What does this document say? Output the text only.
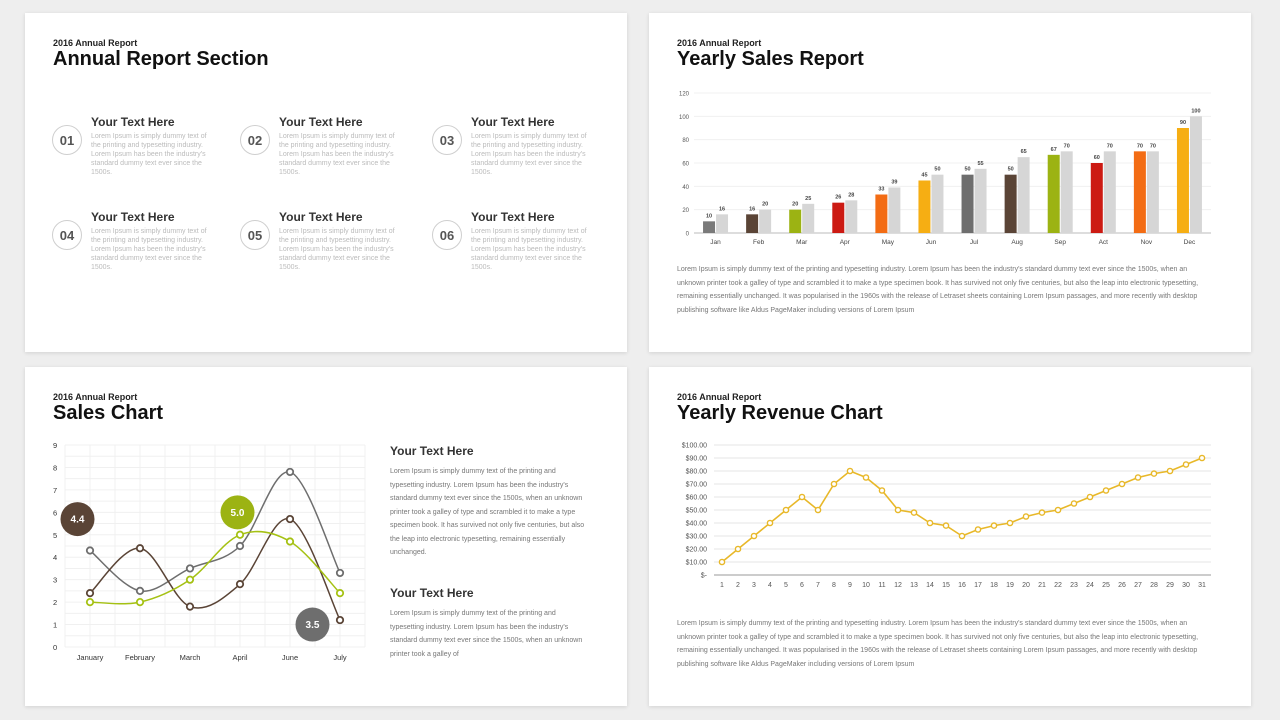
2016 Annual Report
Annual Report Section
01
Your Text Here
Lorem Ipsum is simply dummy text of the printing and typesetting industry. Lorem Ipsum has been the industry's standard dummy text ever since the 1500s.
02
Your Text Here
Lorem Ipsum is simply dummy text of the printing and typesetting industry. Lorem Ipsum has been the industry's standard dummy text ever since the 1500s.
03
Your Text Here
Lorem Ipsum is simply dummy text of the printing and typesetting industry. Lorem Ipsum has been the industry's standard dummy text ever since the 1500s.
04
Your Text Here
Lorem Ipsum is simply dummy text of the printing and typesetting industry. Lorem Ipsum has been the industry's standard dummy text ever since the 1500s.
05
Your Text Here
Lorem Ipsum is simply dummy text of the printing and typesetting industry. Lorem Ipsum has been the industry's standard dummy text ever since the 1500s.
06
Your Text Here
Lorem Ipsum is simply dummy text of the printing and typesetting industry. Lorem Ipsum has been the industry's standard dummy text ever since the 1500s.
2016 Annual Report
Yearly Sales Report
0
20
40
60
80
100
120
10
16
Jan
16
20
Feb
20
25
Mar
26 28
Apr
33
39
May
45
50
Jun
50
55
Jul
50
65
Aug
67
70
Sep
60
70
Act
70 70
Nov
90
100
Dec
Lorem Ipsum is simply dummy text of the printing and typesetting industry. Lorem Ipsum has been the industry's standard dummy text ever since the 1500s, when an unknown printer took a galley of type and scrambled it to make a type specimen book. It has survived not only five centuries, but also the leap into electronic typesetting, remaining essentially unchanged. It was popularised in the 1960s with the release of Letraset sheets containing Lorem Ipsum passages, and more recently with desktop publishing software like Aldus PageMaker including versions of Lorem Ipsum
2016 Annual Report
Sales Chart
0
1
2
3
4
5
6
7
8
9
January	February	March	April	June	July
4.4
5.0
3.5
Your Text Here
Lorem Ipsum is simply dummy text of the printing and typesetting industry. Lorem Ipsum has been the industry's standard dummy text ever since the 1500s, when an unknown printer took a galley of type and scrambled it to make a type specimen book. It has survived not only five centuries, but also the leap into electronic typesetting, remaining essentially unchanged.
Your Text Here
Lorem Ipsum is simply dummy text of the printing and typesetting industry. Lorem Ipsum has been the industry's standard dummy text ever since the 1500s, when an unknown printer took a galley of
2016 Annual Report
Yearly Revenue Chart
$-
$10.00
$20.00
$30.00
$40.00
$50.00
$60.00
$70.00
$80.00
$90.00
$100.00
1 2 3 4 5 6 7 8 9 10 11 12 13 14 15 16 17 18 19 20 21 22 23 24 25 26 27 28 29 30 31
Lorem Ipsum is simply dummy text of the printing and typesetting industry. Lorem Ipsum has been the industry's standard dummy text ever since the 1500s, when an unknown printer took a galley of type and scrambled it to make a type specimen book. It has survived not only five centuries, but also the leap into electronic typesetting, remaining essentially unchanged. It was popularised in the 1960s with the release of Letraset sheets containing Lorem Ipsum passages, and more recently with desktop publishing software like Aldus PageMaker including versions of Lorem Ipsum
